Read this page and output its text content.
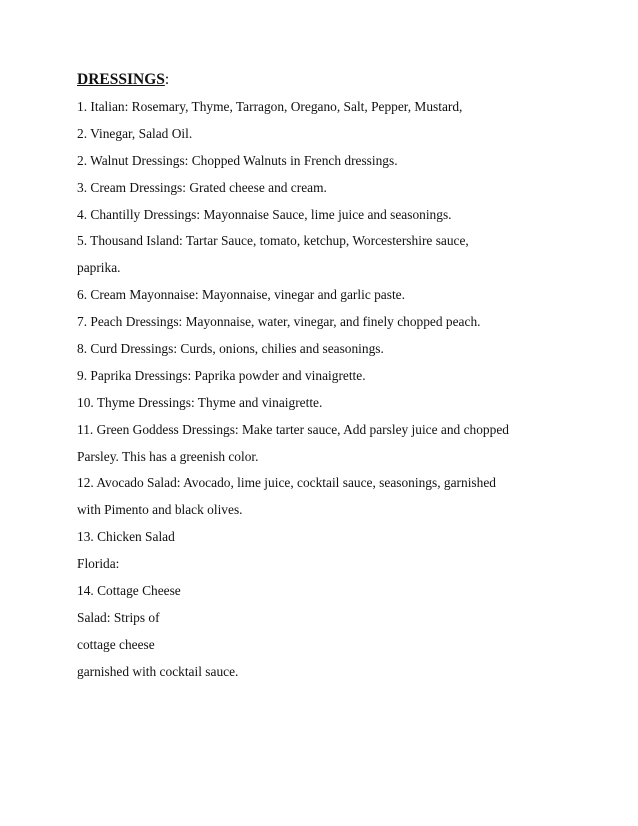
DRESSINGS:
1. Italian: Rosemary, Thyme, Tarragon, Oregano, Salt, Pepper, Mustard,
2. Vinegar, Salad Oil.
2. Walnut Dressings: Chopped Walnuts in French dressings.
3. Cream Dressings: Grated cheese and cream.
4. Chantilly Dressings: Mayonnaise Sauce, lime juice and seasonings.
5. Thousand Island: Tartar Sauce, tomato, ketchup, Worcestershire sauce,
paprika.
6. Cream Mayonnaise: Mayonnaise, vinegar and garlic paste.
7. Peach Dressings: Mayonnaise, water, vinegar, and finely chopped peach.
8. Curd Dressings: Curds, onions, chilies and seasonings.
9. Paprika Dressings: Paprika powder and vinaigrette.
10. Thyme Dressings: Thyme and vinaigrette.
11. Green Goddess Dressings: Make tarter sauce, Add parsley juice and chopped
Parsley. This has a greenish color.
12. Avocado Salad: Avocado, lime juice, cocktail sauce, seasonings, garnished
with Pimento and black olives.
13. Chicken Salad
Florida:
14. Cottage Cheese
Salad: Strips of
cottage cheese
garnished with cocktail sauce.
